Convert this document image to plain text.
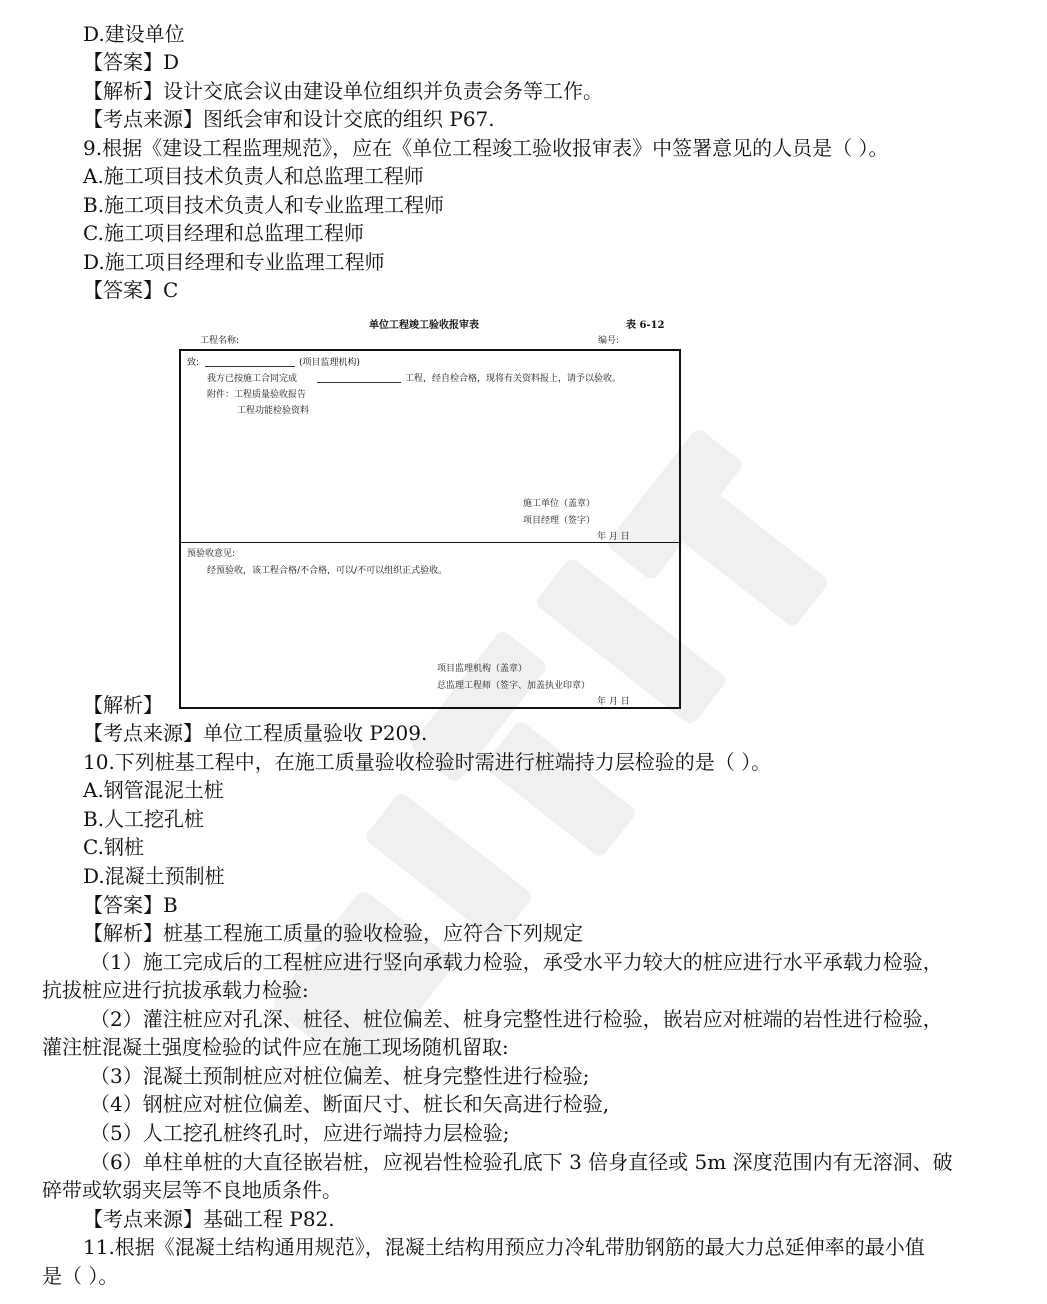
D.建设单位
【答案】D
【解析】设计交底会议由建设单位组织并负责会务等工作。
【考点来源】图纸会审和设计交底的组织 P67.
9.根据《建设工程监理规范》，应在《单位工程竣工验收报审表》中签署意见的人员是（ ）。
A.施工项目技术负责人和总监理工程师
B.施工项目技术负责人和专业监理工程师
C.施工项目经理和总监理工程师
D.施工项目经理和专业监理工程师
【答案】C
【解析】
【考点来源】单位工程质量验收 P209.
10.下列桩基工程中，在施工质量验收检验时需进行桩端持力层检验的是（ ）。
A.钢管混泥土桩
B.人工挖孔桩
C.钢桩
D.混凝土预制桩
【答案】B
【解析】桩基工程施工质量的验收检验，应符合下列规定
（1）施工完成后的工程桩应进行竖向承载力检验，承受水平力较大的桩应进行水平承载力检验，
抗拔桩应进行抗拔承载力检验:
（2）灌注桩应对孔深、桩径、桩位偏差、桩身完整性进行检验，嵌岩应对桩端的岩性进行检验，
灌注桩混凝土强度检验的试件应在施工现场随机留取:
（3）混凝土预制桩应对桩位偏差、桩身完整性进行检验;
（4）钢桩应对桩位偏差、断面尺寸、桩长和矢高进行检验,
（5）人工挖孔桩终孔时，应进行端持力层检验;
（6）单柱单桩的大直径嵌岩桩，应视岩性检验孔底下 3 倍身直径或 5m 深度范围内有无溶洞、破
碎带或软弱夹层等不良地质条件。
【考点来源】基础工程 P82.
11.根据《混凝土结构通用规范》，混凝土结构用预应力冷轧带肋钢筋的最大力总延伸率的最小值
是（ ）。
单位工程竣工验收报审表	表 6-12
工程名称:	编号:
致:	(项目监理机构)
我方已按施工合同完成	工程，经自检合格，现将有关资料报上，请予以验收。
附件：工程质量验收报告
工程功能检验资料
施工单位（盖章）
项目经理（签字）
年 月 日
预验收意见:
经预验收，该工程合格/不合格，可以/不可以组织正式验收。
项目监理机构（盖章）
总监理工程师（签字、加盖执业印章）
年 月 日
